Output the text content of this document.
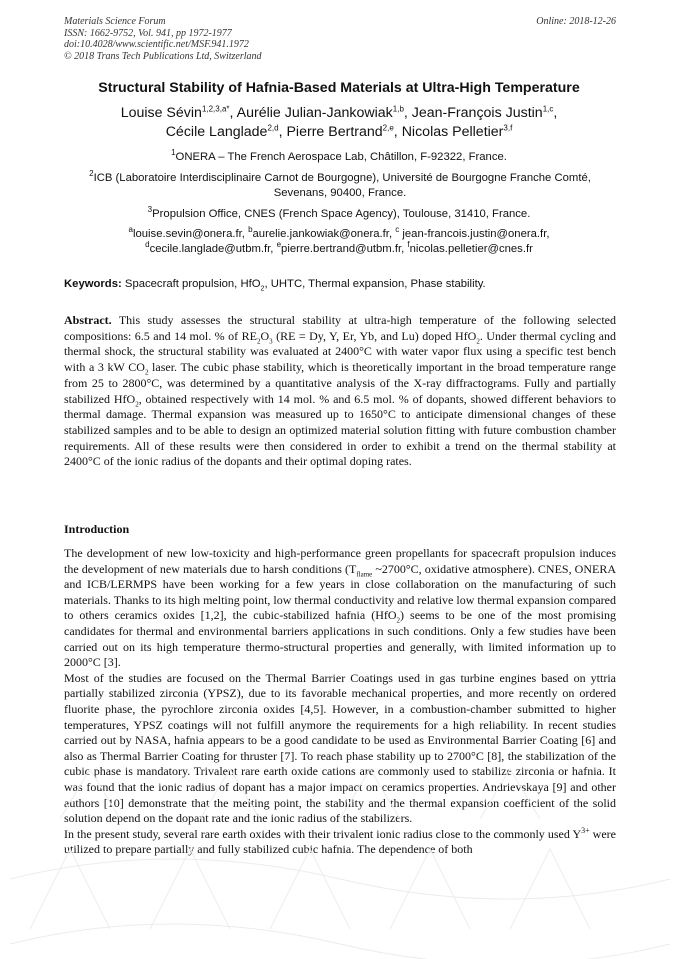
Materials Science Forum
ISSN: 1662-9752, Vol. 941, pp 1972-1977
doi:10.4028/www.scientific.net/MSF.941.1972
© 2018 Trans Tech Publications Ltd, Switzerland
Online: 2018-12-26
Structural Stability of Hafnia-Based Materials at Ultra-High Temperature
Louise Sévin$^{1,2,3,a*}$, Aurélie Julian-Jankowiak$^{1,b}$, Jean-François Justin$^{1,c}$,
Cécile Langlade$^{2,d}$, Pierre Bertrand$^{2,e}$, Nicolas Pelletier$^{3,f}$
$^1$ONERA – The French Aerospace Lab, Châtillon, F-92322, France.
$^2$ICB (Laboratoire Interdisciplinaire Carnot de Bourgogne), Université de Bourgogne Franche Comté, Sevenans, 90400, France.
$^3$Propulsion Office, CNES (French Space Agency), Toulouse, 31410, France.
$^a$louise.sevin@onera.fr, $^b$aurelie.jankowiak@onera.fr, $^c$ jean-francois.justin@onera.fr,
$^d$cecile.langlade@utbm.fr, $^e$pierre.bertrand@utbm.fr, $^f$nicolas.pelletier@cnes.fr
Keywords: Spacecraft propulsion, HfO$_2$, UHTC, Thermal expansion, Phase stability.
Abstract. This study assesses the structural stability at ultra-high temperature of the following selected compositions: 6.5 and 14 mol. % of $RE_2O_3$ (RE = Dy, Y, Er, Yb, and Lu) doped HfO$_2$. Under thermal cycling and thermal shock, the structural stability was evaluated at 2400°C with water vapor flux using a specific test bench with a 3 kW $CO_2$ laser. The cubic phase stability, which is theoretically important in the broad temperature range from 25 to 2800°C, was determined by a quantitative analysis of the X-ray diffractograms. Fully and partially stabilized HfO$_2$, obtained respectively with 14 mol. % and 6.5 mol. % of dopants, showed different behaviors to thermal damage. Thermal expansion was measured up to 1650°C to anticipate dimensional changes of these stabilized samples and to be able to design an optimized material solution fitting with future combustion chamber requirements. All of these results were then considered in order to exhibit a trend on the thermal stability at 2400°C of the ionic radius of the dopants and their optimal doping rates.
Introduction

The development of new low-toxicity and high-performance green propellants for spacecraft propulsion induces the development of new materials due to harsh conditions ($T_{flame}$ ~2700°C, oxidative atmosphere). CNES, ONERA and ICB/LERMPS have been working for a few years in close collaboration on the manufacturing of such materials. Thanks to its high melting point, low thermal conductivity and relative low thermal expansion compared to others ceramics oxides [1,2], the cubic-stabilized hafnia (HfO$_2$) seems to be one of the most promising candidates for thermal and environmental barriers applications in such conditions. Only a few studies have been carried out on its high temperature thermo-structural properties and generally, with limited information up to 2000°C [3].

Most of the studies are focused on the Thermal Barrier Coatings used in gas turbine engines based on yttria partially stabilized zirconia (YPSZ), due to its favorable mechanical properties, and more recently on ordered fluorite phase, the pyrochlore zirconia oxides [4,5]. However, in a combustion-chamber submitted to higher temperatures, YPSZ coatings will not fulfill anymore the requirements for a high reliability. In recent studies carried out by NASA, hafnia appears to be a good candidate to be used as Environmental Barrier Coating [6] and also as Thermal Barrier Coating for thruster [7]. To reach phase stability up to 2700°C [8], the stabilization of the cubic phase is mandatory. Trivalent rare earth oxide cations are commonly used to stabilize zirconia or hafnia. It was found that the ionic radius of dopant has a major impact on ceramics properties. Andrievskaya [9] and other authors [10] demonstrate that the melting point, the stability and the thermal expansion coefficient of the solid solution depend on the dopant rate and the ionic radius of the stabilizers.

In the present study, several rare earth oxides with their trivalent ionic radius close to the commonly used $Y^{3+}$ were utilized to prepare partially and fully stabilized cubic hafnia. The dependence of both
